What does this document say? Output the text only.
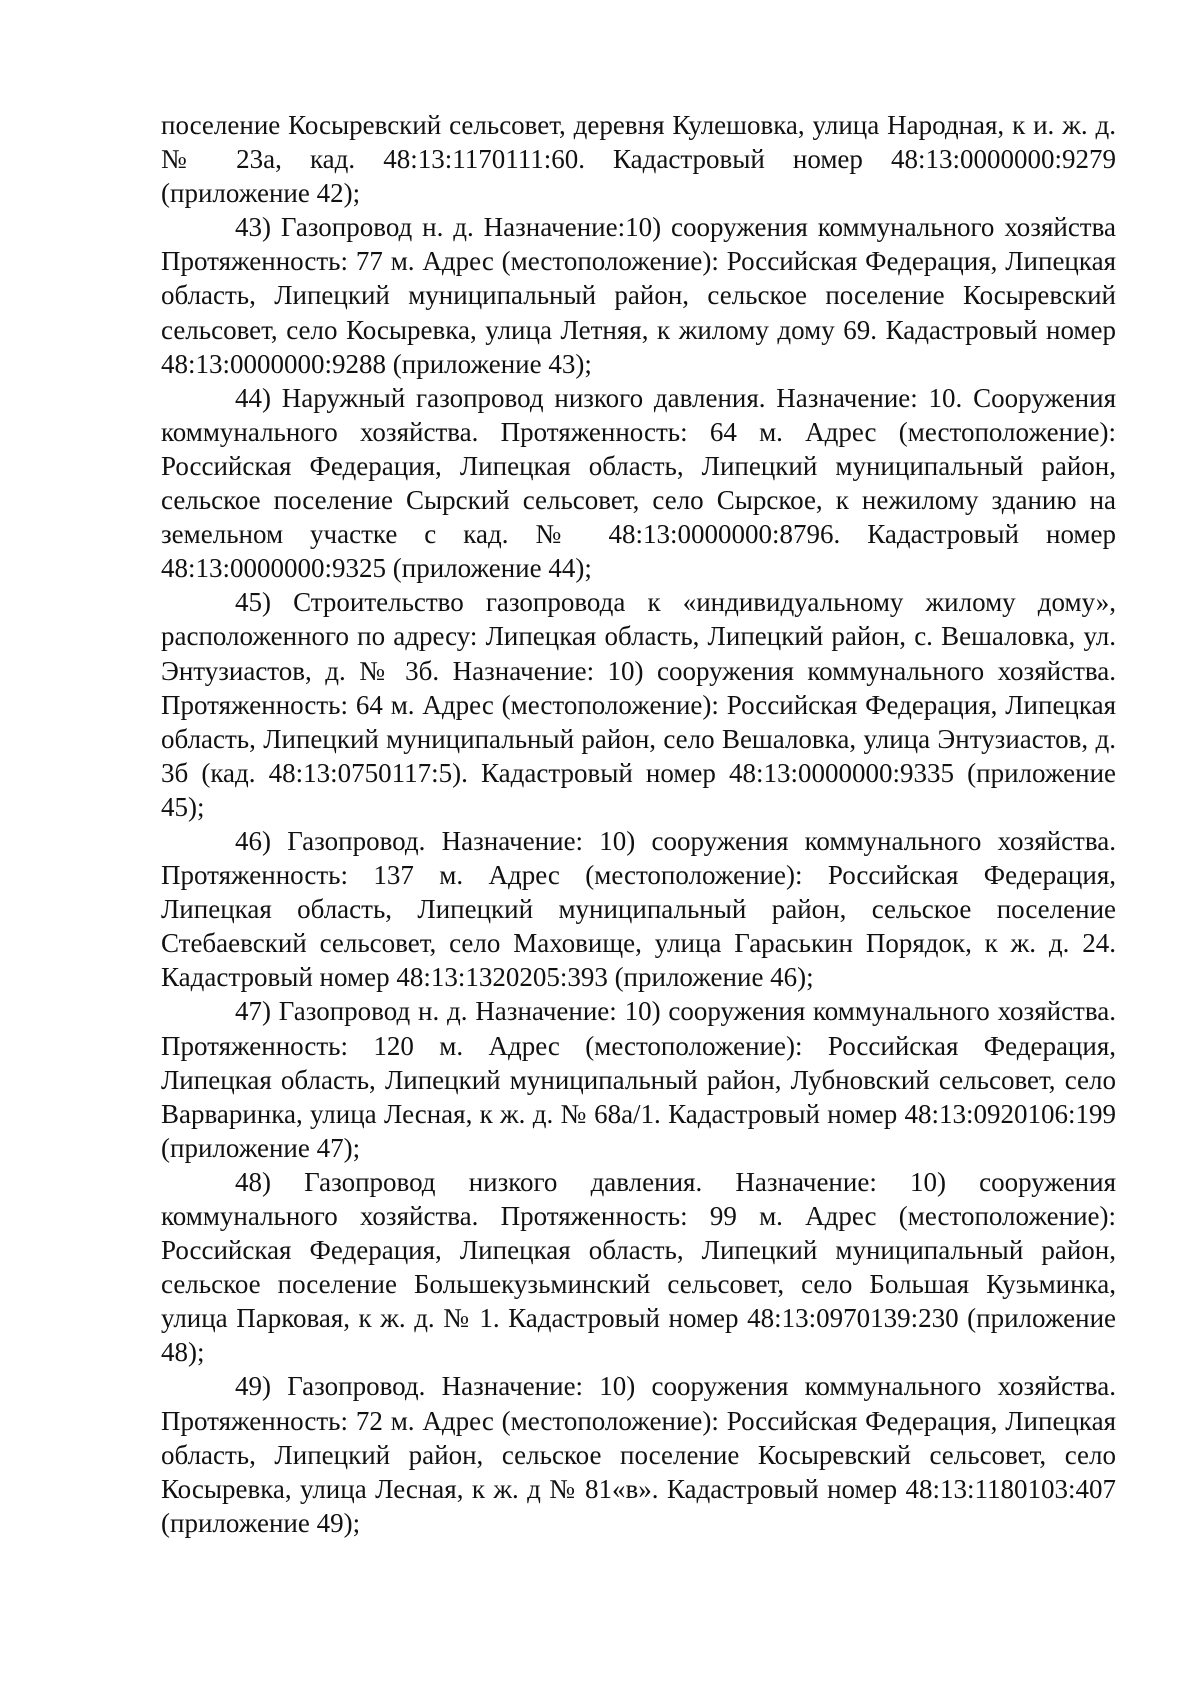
поселение Косыревский сельсовет, деревня Кулешовка, улица Народная, к и. ж. д. № 23а, кад. 48:13:1170111:60. Кадастровый номер 48:13:0000000:9279 (приложение 42);

43) Газопровод н. д. Назначение:10) сооружения коммунального хозяйства Протяженность: 77 м. Адрес (местоположение): Российская Федерация, Липецкая область, Липецкий муниципальный район, сельское поселение Косыревский сельсовет, село Косыревка, улица Летняя, к жилому дому 69. Кадастровый номер 48:13:0000000:9288 (приложение 43);

44) Наружный газопровод низкого давления. Назначение: 10. Сооружения коммунального хозяйства. Протяженность: 64 м. Адрес (местоположение): Российская Федерация, Липецкая область, Липецкий муниципальный район, сельское поселение Сырский сельсовет, село Сырское, к нежилому зданию на земельном участке с кад. № 48:13:0000000:8796. Кадастровый номер 48:13:0000000:9325 (приложение 44);

45) Строительство газопровода к «индивидуальному жилому дому», расположенного по адресу: Липецкая область, Липецкий район, с. Вешаловка, ул. Энтузиастов, д. № 3б. Назначение: 10) сооружения коммунального хозяйства. Протяженность: 64 м. Адрес (местоположение): Российская Федерация, Липецкая область, Липецкий муниципальный район, село Вешаловка, улица Энтузиастов, д. 3б (кад. 48:13:0750117:5). Кадастровый номер 48:13:0000000:9335 (приложение 45);

46) Газопровод. Назначение: 10) сооружения коммунального хозяйства. Протяженность: 137 м. Адрес (местоположение): Российская Федерация, Липецкая область, Липецкий муниципальный район, сельское поселение Стебаевский сельсовет, село Маховище, улица Гараськин Порядок, к ж. д. 24. Кадастровый номер 48:13:1320205:393 (приложение 46);

47) Газопровод н. д. Назначение: 10) сооружения коммунального хозяйства. Протяженность: 120 м. Адрес (местоположение): Российская Федерация, Липецкая область, Липецкий муниципальный район, Лубновский сельсовет, село Варваринка, улица Лесная, к ж. д. № 68а/1. Кадастровый номер 48:13:0920106:199 (приложение 47);

48) Газопровод низкого давления. Назначение: 10) сооружения коммунального хозяйства. Протяженность: 99 м. Адрес (местоположение): Российская Федерация, Липецкая область, Липецкий муниципальный район, сельское поселение Большекузьминский сельсовет, село Большая Кузьминка, улица Парковая, к ж. д. № 1. Кадастровый номер 48:13:0970139:230 (приложение 48);

49) Газопровод. Назначение: 10) сооружения коммунального хозяйства. Протяженность: 72 м. Адрес (местоположение): Российская Федерация, Липецкая область, Липецкий район, сельское поселение Косыревский сельсовет, село Косыревка, улица Лесная, к ж. д № 81«в». Кадастровый номер 48:13:1180103:407 (приложение 49);
